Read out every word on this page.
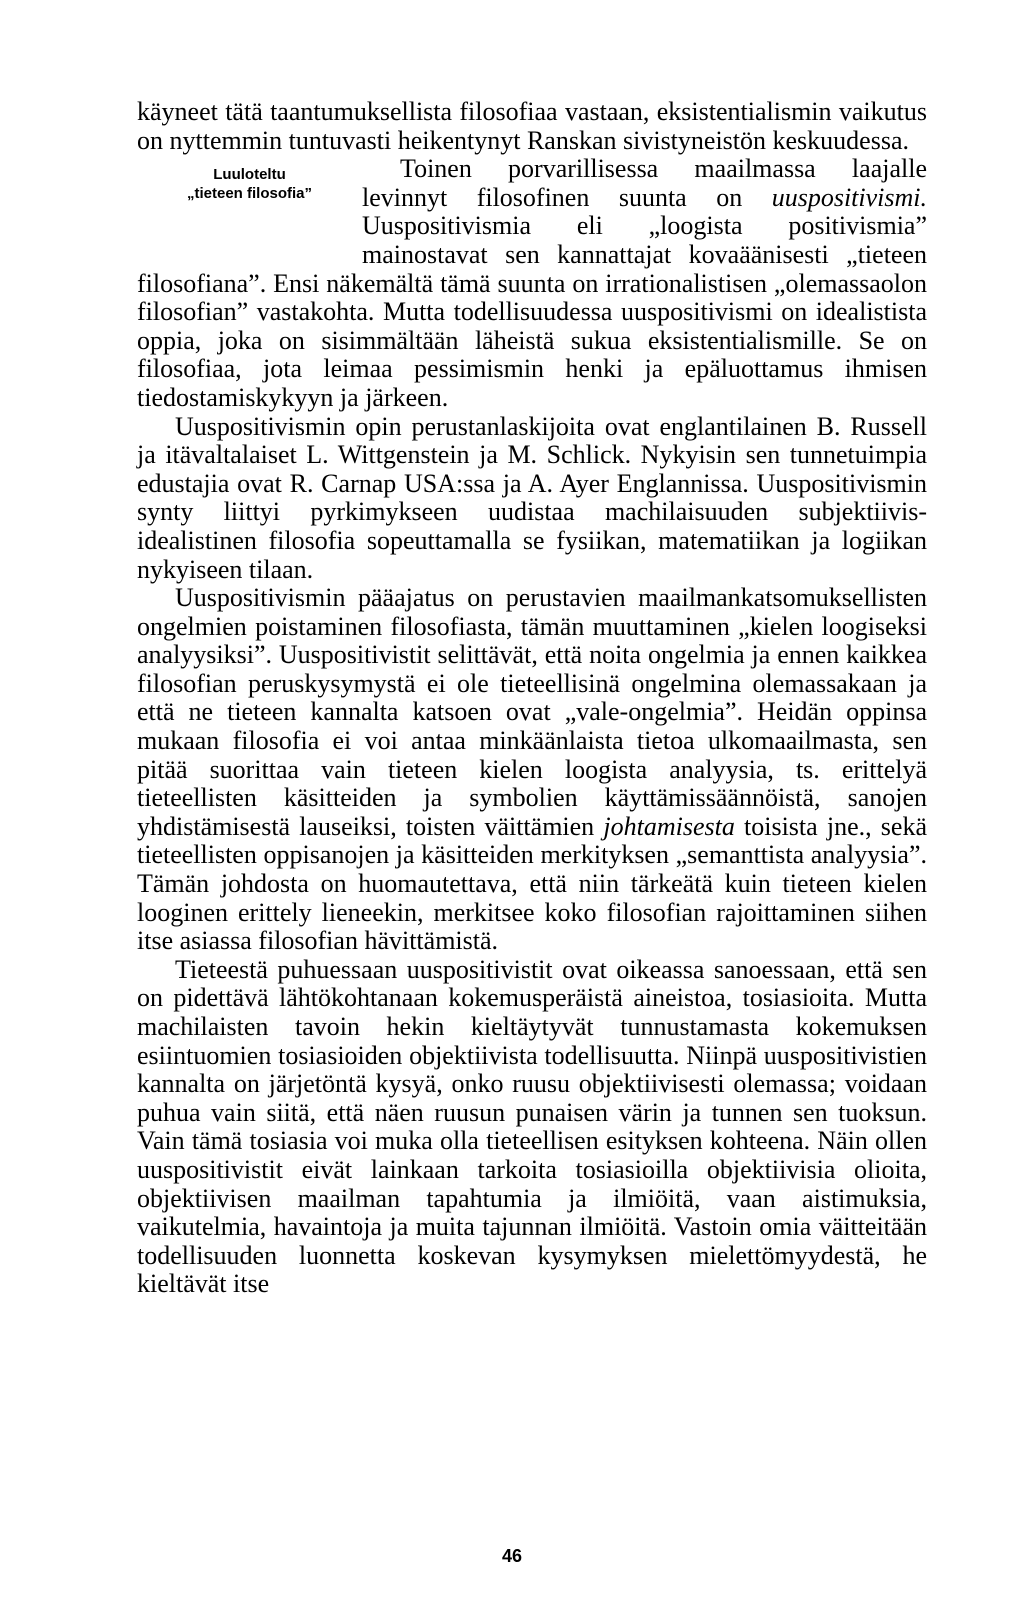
käyneet tätä taantumuksellista filosofiaa vastaan, eksistentialismin vaikutus on nyttemmin tuntuvasti heikentynyt Ranskan sivistyneistön keskuudessa.

Luuloteltu
„tieteen filosofia”

Toinen porvarillisessa maailmassa laajalle levinnyt filosofinen suunta on uuspositivismi. Uuspositivismia eli „loogista positivismia” mainostavat sen kannattajat kovaäänisesti „tieteen filosofiana”. Ensi näkemältä tämä suunta on irrationalistisen „olemassaolon filosofian” vastakohta. Mutta todellisuudessa uuspositivismi on idealistista oppia, joka on sisimmältään läheistä sukua eksistentialismille. Se on filosofiaa, jota leimaa pessimismin henki ja epäluottamus ihmisen tiedostamiskykyyn ja järkeen.

Uuspositivismin opin perustanlaskijoita ovat englantilainen B. Russell ja itävaltalaiset L. Wittgenstein ja M. Schlick. Nykyisin sen tunnetuimpia edustajia ovat R. Carnap USA:ssa ja A. Ayer Englannissa. Uuspositivismin synty liittyi pyrkimykseen uudistaa machilaisuuden subjektiivis-idealistinen filosofia sopeuttamalla se fysiikan, matematiikan ja logiikan nykyiseen tilaan.

Uuspositivismin pääajatus on perustavien maailmankatsomuksellisten ongelmien poistaminen filosofiasta, tämän muuttaminen „kielen loogiseksi analyysiksi”. Uuspositivistit selittävät, että noita ongelmia ja ennen kaikkea filosofian peruskysymystä ei ole tieteellisinä ongelmina olemassakaan ja että ne tieteen kannalta katsoen ovat „vale-ongelmia”. Heidän oppinsa mukaan filosofia ei voi antaa minkäänlaista tietoa ulkomaailmasta, sen pitää suorittaa vain tieteen kielen loogista analyysia, ts. erittelyä tieteellisten käsitteiden ja symbolien käyttämissäännöistä, sanojen yhdistämisestä lauseiksi, toisten väittämien johtamisesta toisista jne., sekä tieteellisten oppisanojen ja käsitteiden merkityksen „semanttista analyysia”. Tämän johdosta on huomautettava, että niin tärkeätä kuin tieteen kielen looginen erittely lieneekin, merkitsee koko filosofian rajoittaminen siihen itse asiassa filosofian hävittämistä.

Tieteestä puhuessaan uuspositivistit ovat oikeassa sanoessaan, että sen on pidettävä lähtökohtanaan kokemusperäistä aineistoa, tosiasioita. Mutta machilaisten tavoin hekin kieltäytyvät tunnustamasta kokemuksen esiintuomien tosiasioiden objektiivista todellisuutta. Niinpä uuspositivistien kannalta on järjetöntä kysyä, onko ruusu objektiivisesti olemassa; voidaan puhua vain siitä, että näen ruusun punaisen värin ja tunnen sen tuoksun. Vain tämä tosiasia voi muka olla tieteellisen esityksen kohteena. Näin ollen uuspositivistit eivät lainkaan tarkoita tosiasioilla objektiivisia olioita, objektiivisen maailman tapahtumia ja ilmiöitä, vaan aistimuksia, vaikutelmia, havaintoja ja muita tajunnan ilmiöitä. Vastoin omia väitteitään todellisuuden luonnetta koskevan kysymyksen mielettömyydestä, he kieltävät itse

46
